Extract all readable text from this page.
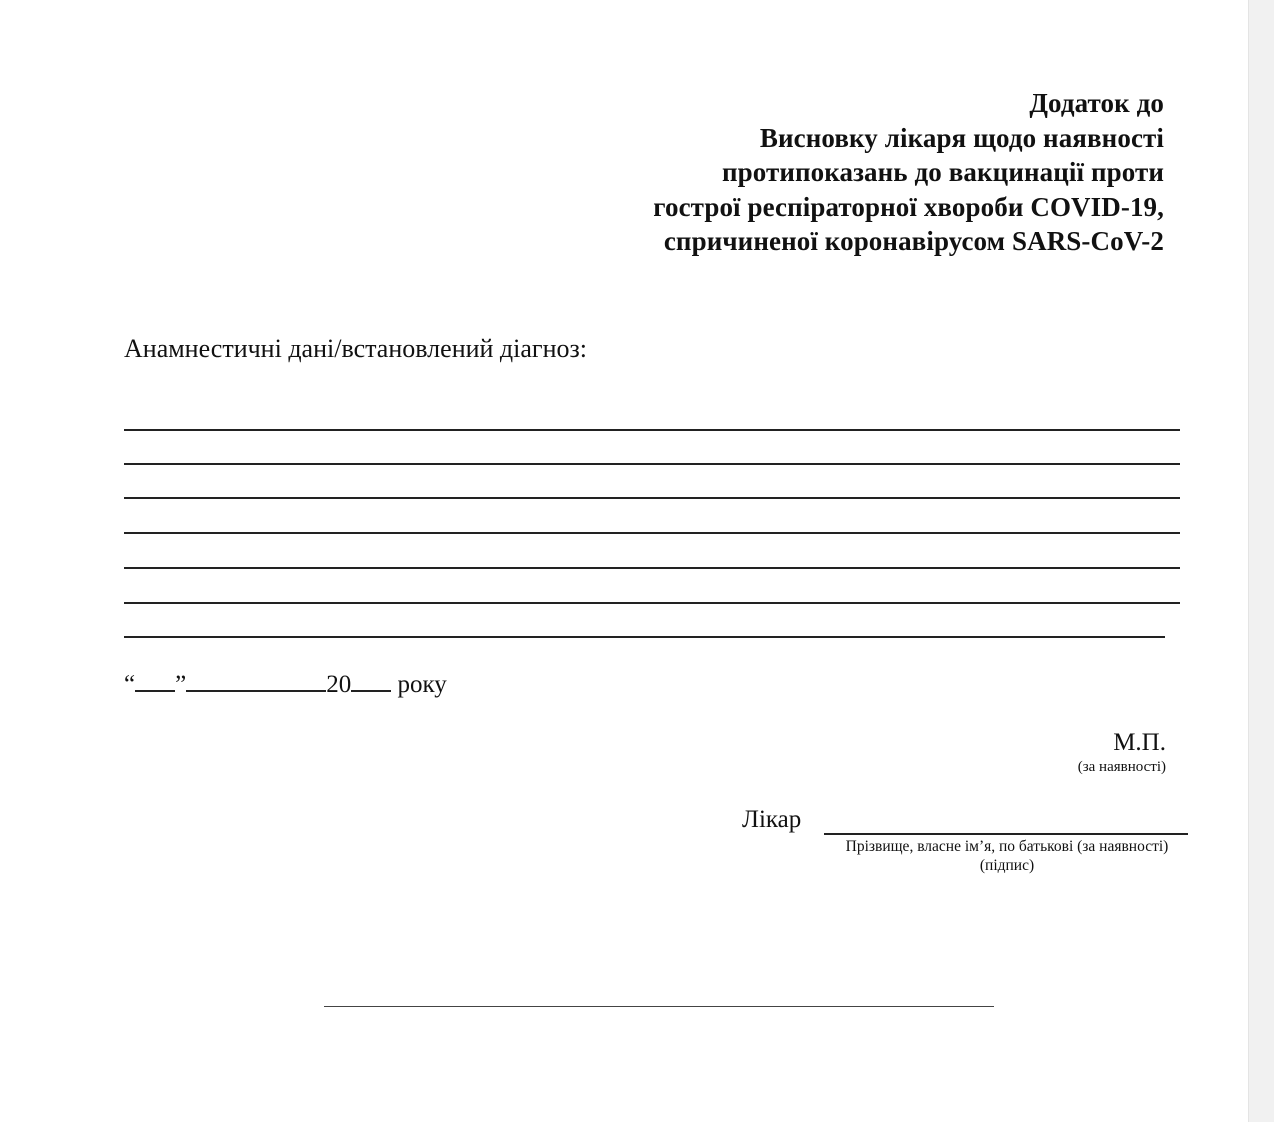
Додаток до
Висновку лікаря щодо наявності
протипоказань до вакцинації проти
гострої респіраторної хвороби COVID-19,
спричиненої коронавірусом SARS-CoV-2
Анамнестичні дані/встановлений діагноз:
“ ”	20 року
М.П.
(за наявності)
Лікар
Прізвище, власне ім’я, по батькові (за наявності)
(підпис)
